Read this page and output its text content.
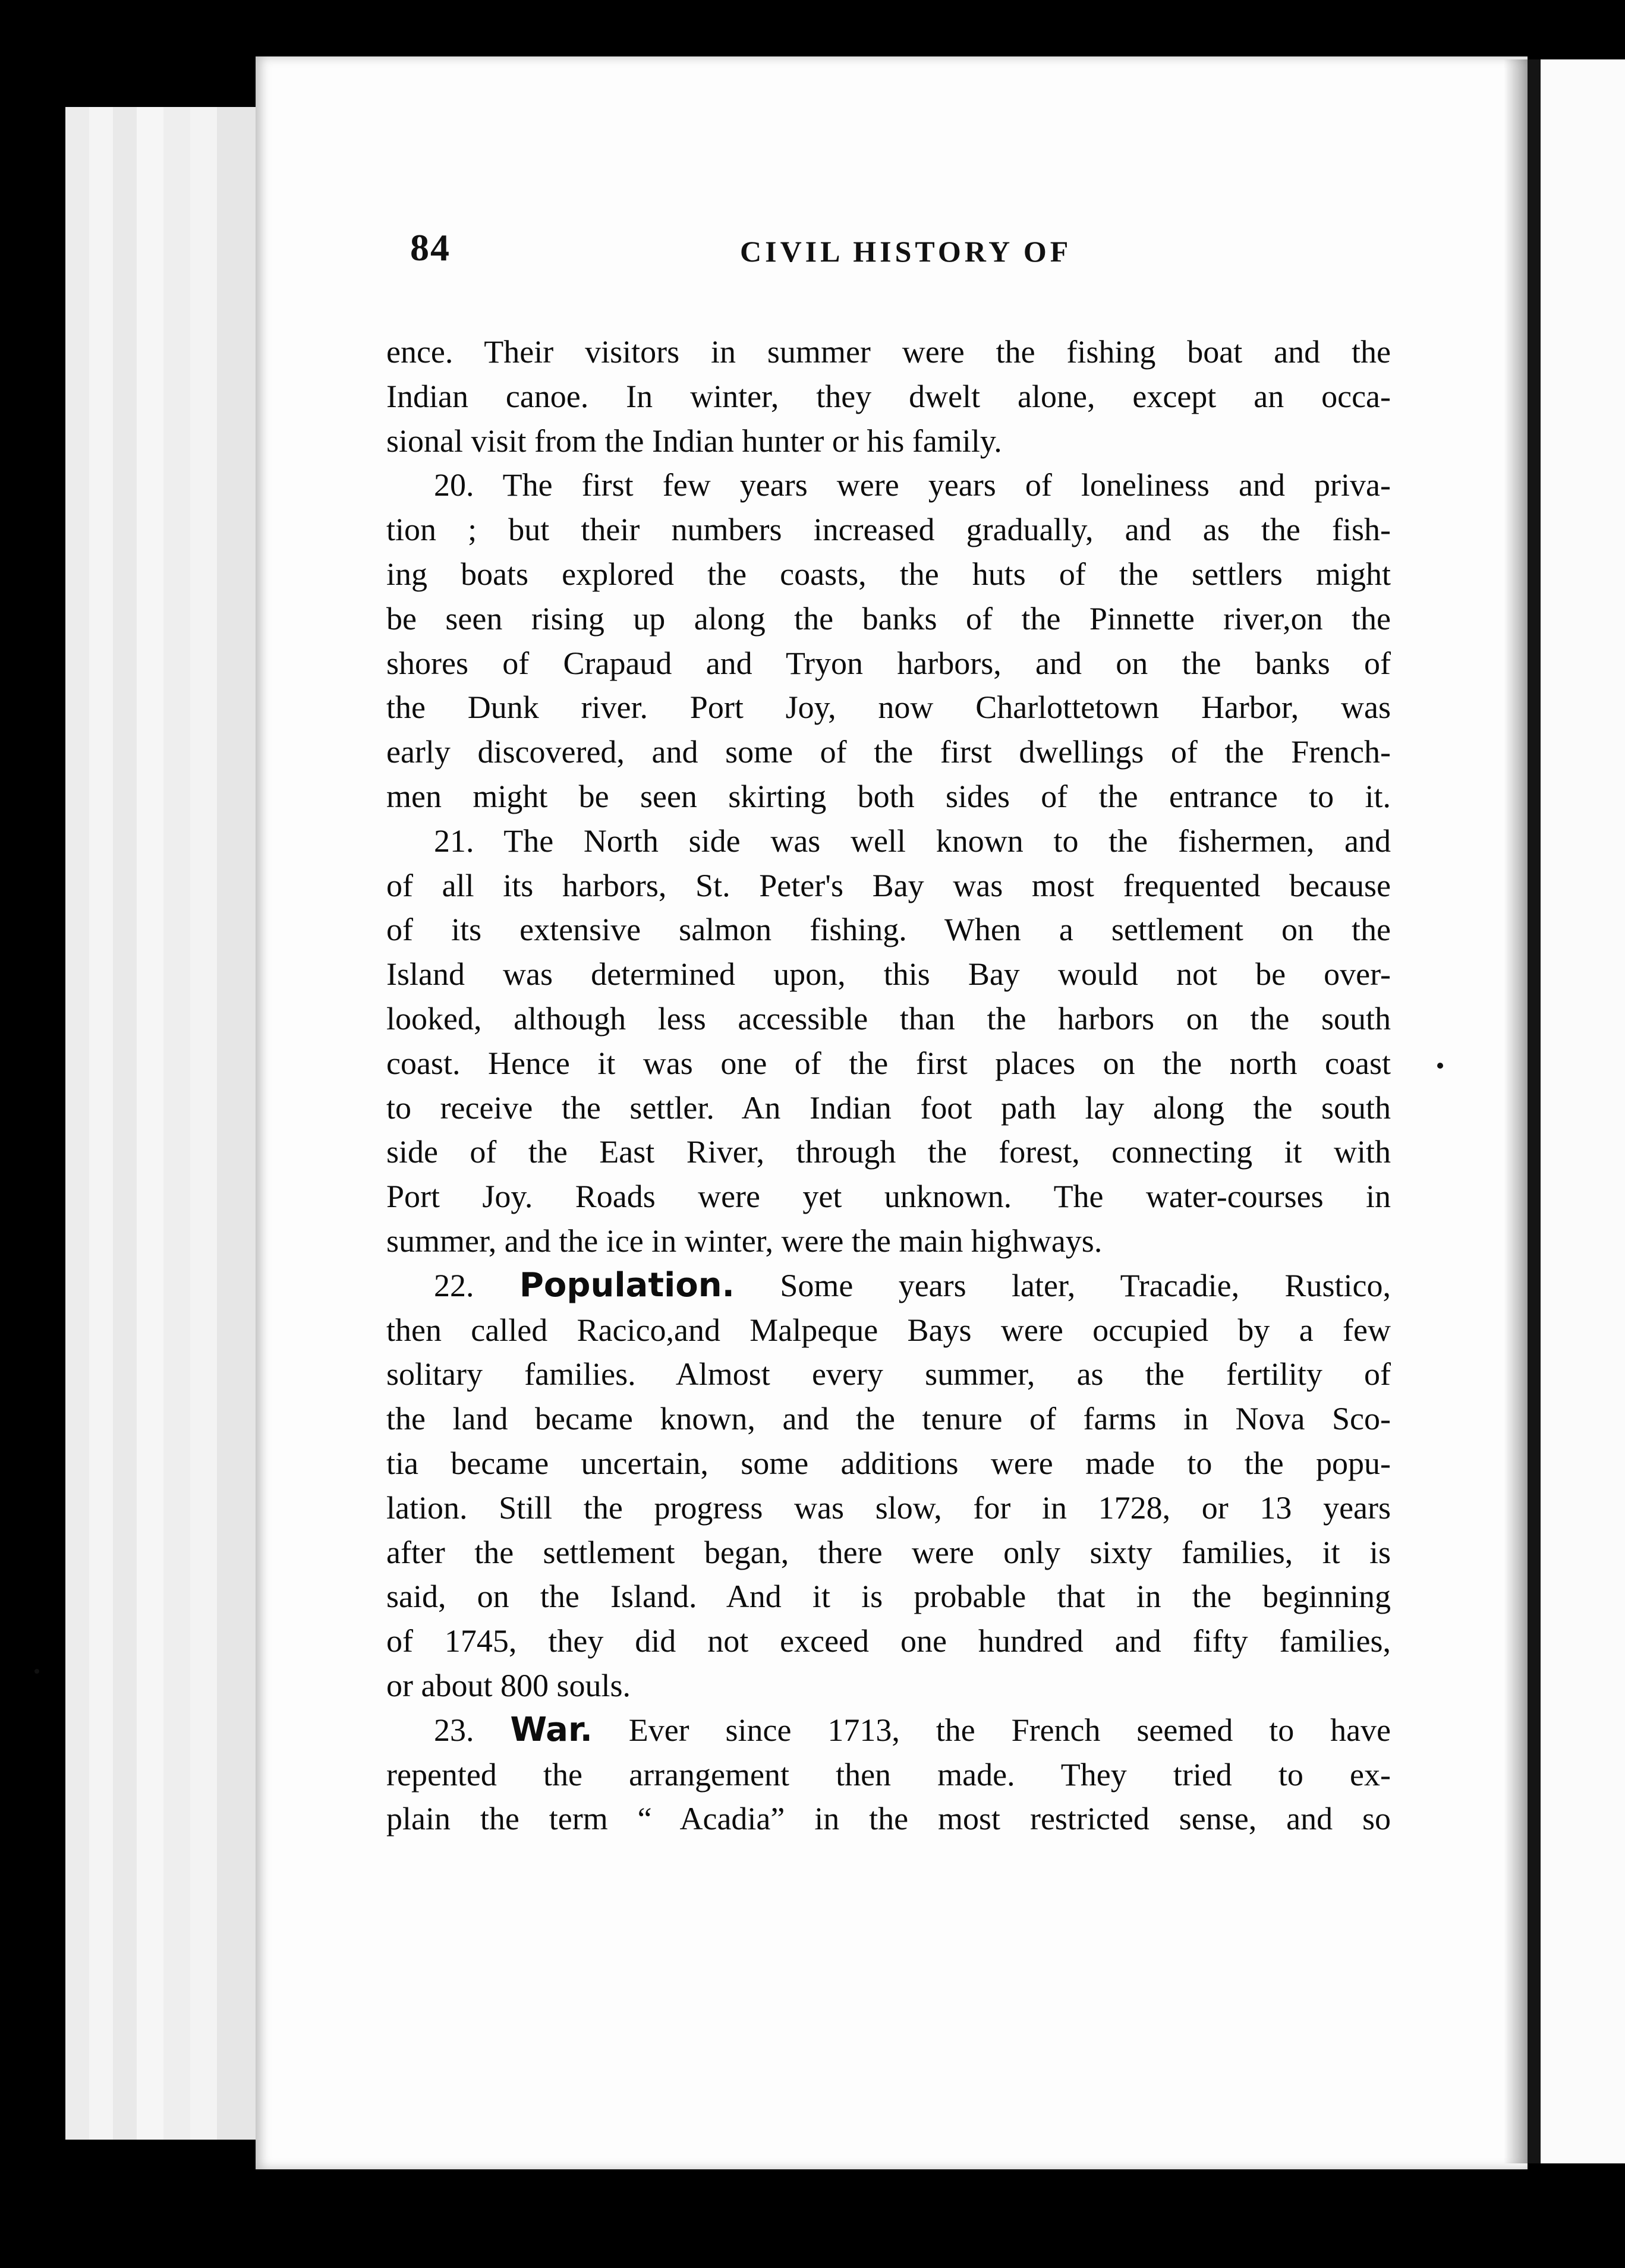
84	CIVIL HISTORY OF
ence. Their visitors in summer were the fishing boat and the
Indian canoe. In winter, they dwelt alone, except an occa-
sional visit from the Indian hunter or his family.
20. The first few years were years of loneliness and priva-
tion ; but their numbers increased gradually, and as the fish-
ing boats explored the coasts, the huts of the settlers might
be seen rising up along the banks of the Pinnette river,on the
shores of Crapaud and Tryon harbors, and on the banks of
the Dunk river. Port Joy, now Charlottetown Harbor, was
early discovered, and some of the first dwellings of the French-
men might be seen skirting both sides of the entrance to it.
21. The North side was well known to the fishermen, and
of all its harbors, St. Peter's Bay was most frequented because
of its extensive salmon fishing. When a settlement on the
Island was determined upon, this Bay would not be over-
looked, although less accessible than the harbors on the south
coast. Hence it was one of the first places on the north coast
to receive the settler. An Indian foot path lay along the south
side of the East River, through the forest, connecting it with
Port Joy. Roads were yet unknown. The water-courses in
summer, and the ice in winter, were the main highways.
22. Population. Some years later, Tracadie, Rustico,
then called Racico,and Malpeque Bays were occupied by a few
solitary families. Almost every summer, as the fertility of
the land became known, and the tenure of farms in Nova Sco-
tia became uncertain, some additions were made to the popu-
lation. Still the progress was slow, for in 1728, or 13 years
after the settlement began, there were only sixty families, it is
said, on the Island. And it is probable that in the beginning
of 1745, they did not exceed one hundred and fifty families,
or about 800 souls.
23. War. Ever since 1713, the French seemed to have
repented the arrangement then made. They tried to ex-
plain the term “ Acadia” in the most restricted sense, and so
